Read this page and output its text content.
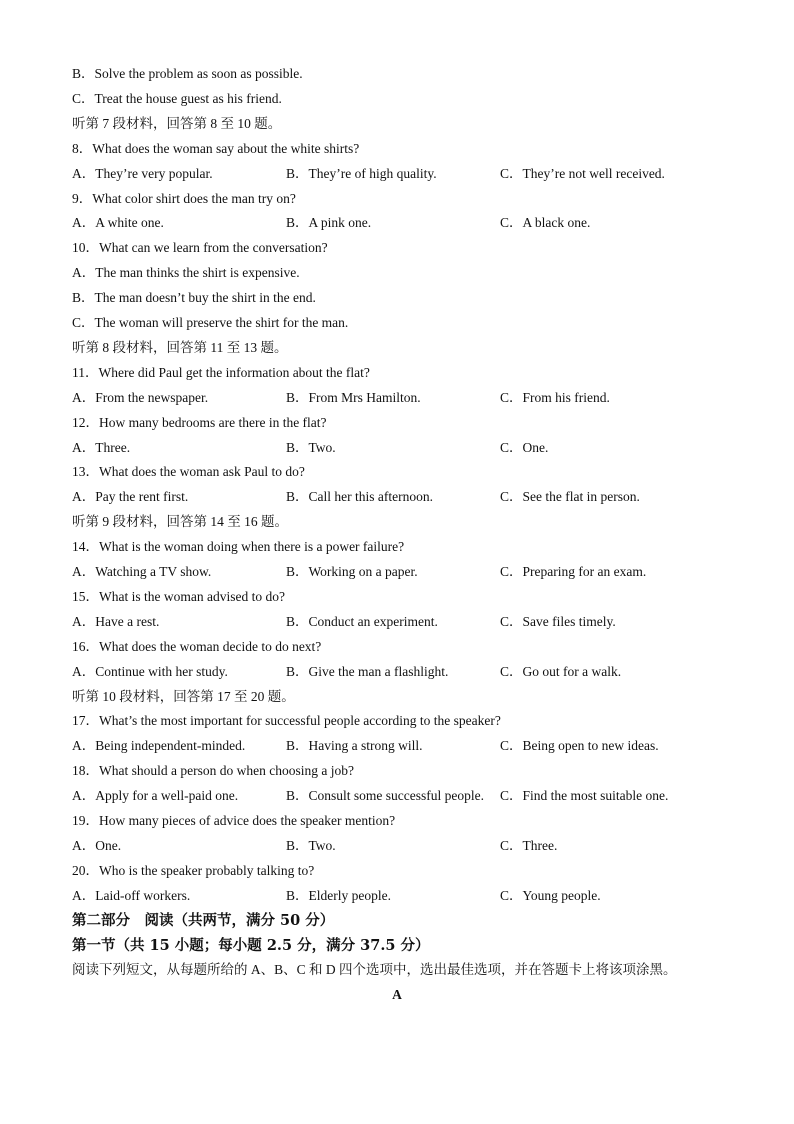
B．Solve the problem as soon as possible.
C．Treat the house guest as his friend.
听第 7 段材料，回答第 8 至 10 题。
8．What does the woman say about the white shirts?
A．They’re very popular.	B．They’re of high quality.	C．They’re not well received.
9．What color shirt does the man try on?
A．A white one.	B．A pink one.	C．A black one.
10．What can we learn from the conversation?
A．The man thinks the shirt is expensive.
B．The man doesn’t buy the shirt in the end.
C．The woman will preserve the shirt for the man.
听第 8 段材料，回答第 11 至 13 题。
11．Where did Paul get the information about the flat?
A．From the newspaper.	B．From Mrs Hamilton.	C．From his friend.
12．How many bedrooms are there in the flat?
A．Three.	B．Two.	C．One.
13．What does the woman ask Paul to do?
A．Pay the rent first.	B．Call her this afternoon.	C．See the flat in person.
听第 9 段材料，回答第 14 至 16 题。
14．What is the woman doing when there is a power failure?
A．Watching a TV show.	B．Working on a paper.	C．Preparing for an exam.
15．What is the woman advised to do?
A．Have a rest.	B．Conduct an experiment.	C．Save files timely.
16．What does the woman decide to do next?
A．Continue with her study.	B．Give the man a flashlight.	C．Go out for a walk.
听第 10 段材料，回答第 17 至 20 题。
17．What’s the most important for successful people according to the speaker?
A．Being independent-minded.	B．Having a strong will.	C．Being open to new ideas.
18．What should a person do when choosing a job?
A．Apply for a well-paid one.	B．Consult some successful people. C．Find the most suitable one.
19．How many pieces of advice does the speaker mention?
A．One.	B．Two.	C．Three.
20．Who is the speaker probably talking to?
A．Laid-off workers.	B．Elderly people.	C．Young people.
第二部分　阅读（共两节，满分 50 分）
第一节（共 15 小题；每小题 2.5 分，满分 37.5 分）
阅读下列短文，从每题所给的 A、B、C 和 D 四个选项中，选出最佳选项，并在答题卡上将该项涂黑。
A
